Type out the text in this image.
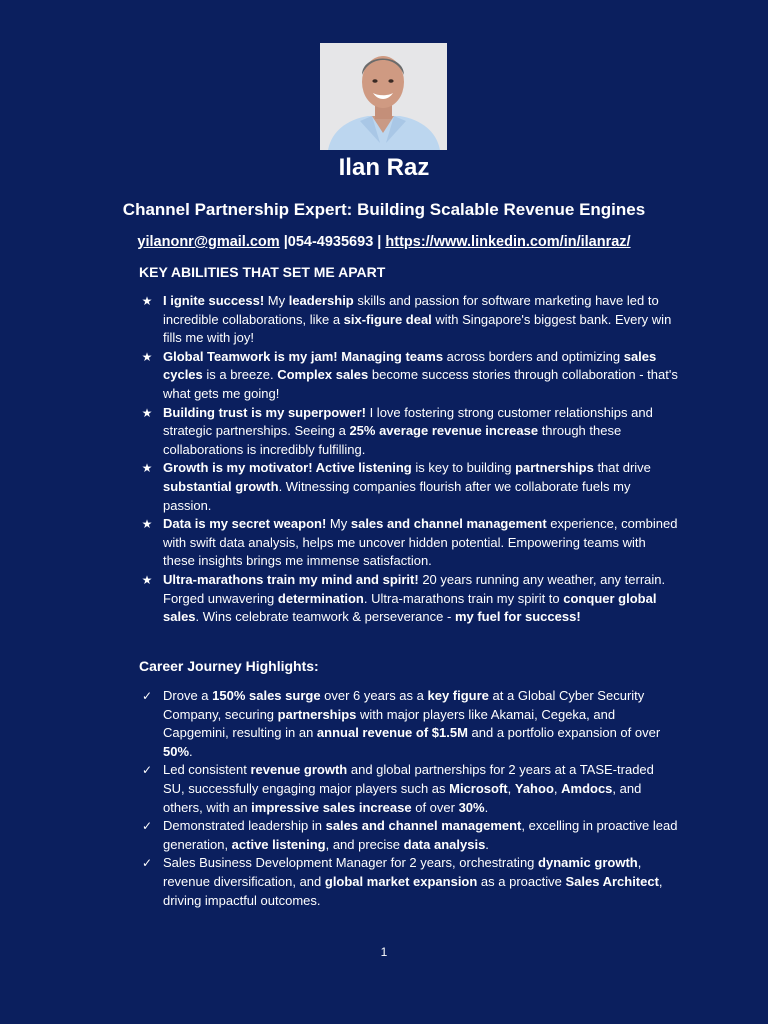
Ilan Raz
Channel Partnership Expert: Building Scalable Revenue Engines
yilanonr@gmail.com |054-4935693 | https://www.linkedin.com/in/ilanraz/
KEY ABILITIES THAT SET ME APART
★ I ignite success! My leadership skills and passion for software marketing have led to incredible collaborations, like a six-figure deal with Singapore's biggest bank. Every win fills me with joy!
★ Global Teamwork is my jam! Managing teams across borders and optimizing sales cycles is a breeze. Complex sales become success stories through collaboration - that's what gets me going!
★ Building trust is my superpower! I love fostering strong customer relationships and strategic partnerships. Seeing a 25% average revenue increase through these collaborations is incredibly fulfilling.
★ Growth is my motivator! Active listening is key to building partnerships that drive substantial growth. Witnessing companies flourish after we collaborate fuels my passion.
★ Data is my secret weapon! My sales and channel management experience, combined with swift data analysis, helps me uncover hidden potential. Empowering teams with these insights brings me immense satisfaction.
★ Ultra-marathons train my mind and spirit! 20 years running any weather, any terrain. Forged unwavering determination. Ultra-marathons train my spirit to conquer global sales. Wins celebrate teamwork & perseverance - my fuel for success!
Career Journey Highlights:
✓ Drove a 150% sales surge over 6 years as a key figure at a Global Cyber Security Company, securing partnerships with major players like Akamai, Cegeka, and Capgemini, resulting in an annual revenue of $1.5M and a portfolio expansion of over 50%.
✓ Led consistent revenue growth and global partnerships for 2 years at a TASE-traded SU, successfully engaging major players such as Microsoft, Yahoo, Amdocs, and others, with an impressive sales increase of over 30%.
✓ Demonstrated leadership in sales and channel management, excelling in proactive lead generation, active listening, and precise data analysis.
✓ Sales Business Development Manager for 2 years, orchestrating dynamic growth, revenue diversification, and global market expansion as a proactive Sales Architect, driving impactful outcomes.
1
